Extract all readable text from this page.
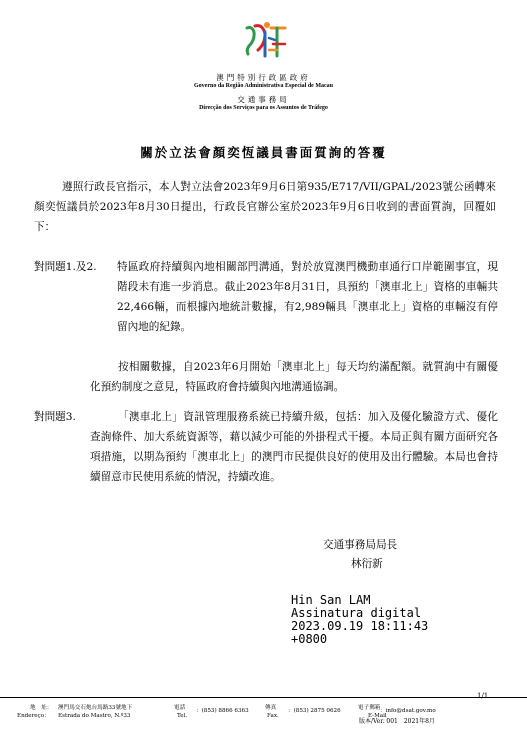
澳門特別行政區政府
Governo da Região Administrativa Especial de Macau
交通事務局
Direcção dos Serviços para os Assuntos de Tráfego
關於立法會顏奕恆議員書面質詢的答覆
遵照行政長官指示，本人對立法會2023年9月6日第935/E717/VII/GPAL/2023號公函轉來顏奕恆議員於2023年8月30日提出，行政長官辦公室於2023年9月6日收到的書面質詢，回覆如下：
對問題1.及2. 特區政府持續與內地相關部門溝通，對於放寬澳門機動車通行口岸範圍事宜，現階段未有進一步消息。截止2023年8月31日，具預約「澳車北上」資格的車輛共22,466輛，而根據內地統計數據，有2,989輛具「澳車北上」資格的車輛沒有停留內地的紀錄。
按相關數據，自2023年6月開始「澳車北上」每天均約滿配額。就質詢中有關優化預約制度之意見，特區政府會持續與內地溝通協調。
對問題3.	「澳車北上」資訊管理服務系統已持續升級，包括：加入及優化驗證方式、優化查詢條件、加大系統資源等，藉以減少可能的外掛程式干擾。本局正與有關方面研究各項措施，以期為預約「澳車北上」的澳門市民提供良好的使用及出行體驗。本局也會持續留意市民使用系統的情況，持續改進。
交通事務局局長
林衍新
Hin San LAM
Assinatura digital
2023.09.19 18:11:43
+0800
1/1
地　址： 澳門馬交石炮台馬路33號地下
Endereço： Estrada do Mastro, N.º33
電話
Tel.
：(853) 8866 6363	傳真
Fax.
：(853) 2875 0626	電子郵箱
E-Mail
：info@dsat.gov.mo
版本/Ver. 001　2021年8月
